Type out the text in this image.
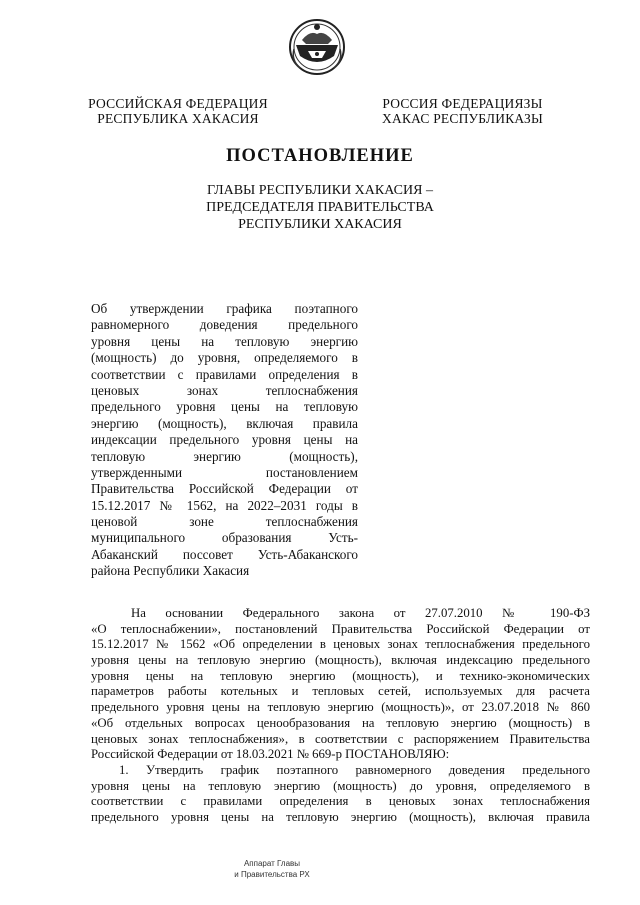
РОССИЙСКАЯ ФЕДЕРАЦИЯ
РЕСПУБЛИКА ХАКАСИЯ
РОССИЯ ФЕДЕРАЦИЯЗЫ
ХАКАС РЕСПУБЛИКАЗЫ
ПОСТАНОВЛЕНИЕ
ГЛАВЫ РЕСПУБЛИКИ ХАКАСИЯ –
ПРЕДСЕДАТЕЛЯ ПРАВИТЕЛЬСТВА
РЕСПУБЛИКИ ХАКАСИЯ
Об утверждении графика поэтапного
равномерного доведения предельного
уровня цены на тепловую энергию
(мощность) до уровня, определяемого в
соответствии с правилами определения в
ценовых зонах теплоснабжения
предельного уровня цены на тепловую
энергию (мощность), включая правила
индексации предельного уровня цены на
тепловую энергию (мощность),
утвержденными постановлением
Правительства Российской Федерации от
15.12.2017 № 1562, на 2022–2031 годы в
ценовой зоне теплоснабжения
муниципального образования Усть-
Абаканский поссовет Усть-Абаканского
района Республики Хакасия
На основании Федерального закона от 27.07.2010 № 190-ФЗ
«О теплоснабжении», постановлений Правительства Российской Федерации от
15.12.2017 № 1562 «Об определении в ценовых зонах теплоснабжения предельного
уровня цены на тепловую энергию (мощность), включая индексацию предельного
уровня цены на тепловую энергию (мощность), и технико-экономических
параметров работы котельных и тепловых сетей, используемых для расчета
предельного уровня цены на тепловую энергию (мощность)», от 23.07.2018 № 860
«Об отдельных вопросах ценообразования на тепловую энергию (мощность) в
ценовых зонах теплоснабжения», в соответствии с распоряжением Правительства
Российской Федерации от 18.03.2021 № 669-р ПОСТАНОВЛЯЮ:
1. Утвердить график поэтапного равномерного доведения предельного
уровня цены на тепловую энергию (мощность) до уровня, определяемого в
соответствии с правилами определения в ценовых зонах теплоснабжения
предельного уровня цены на тепловую энергию (мощность), включая правила
Аппарат Главы
и Правительства РХ
